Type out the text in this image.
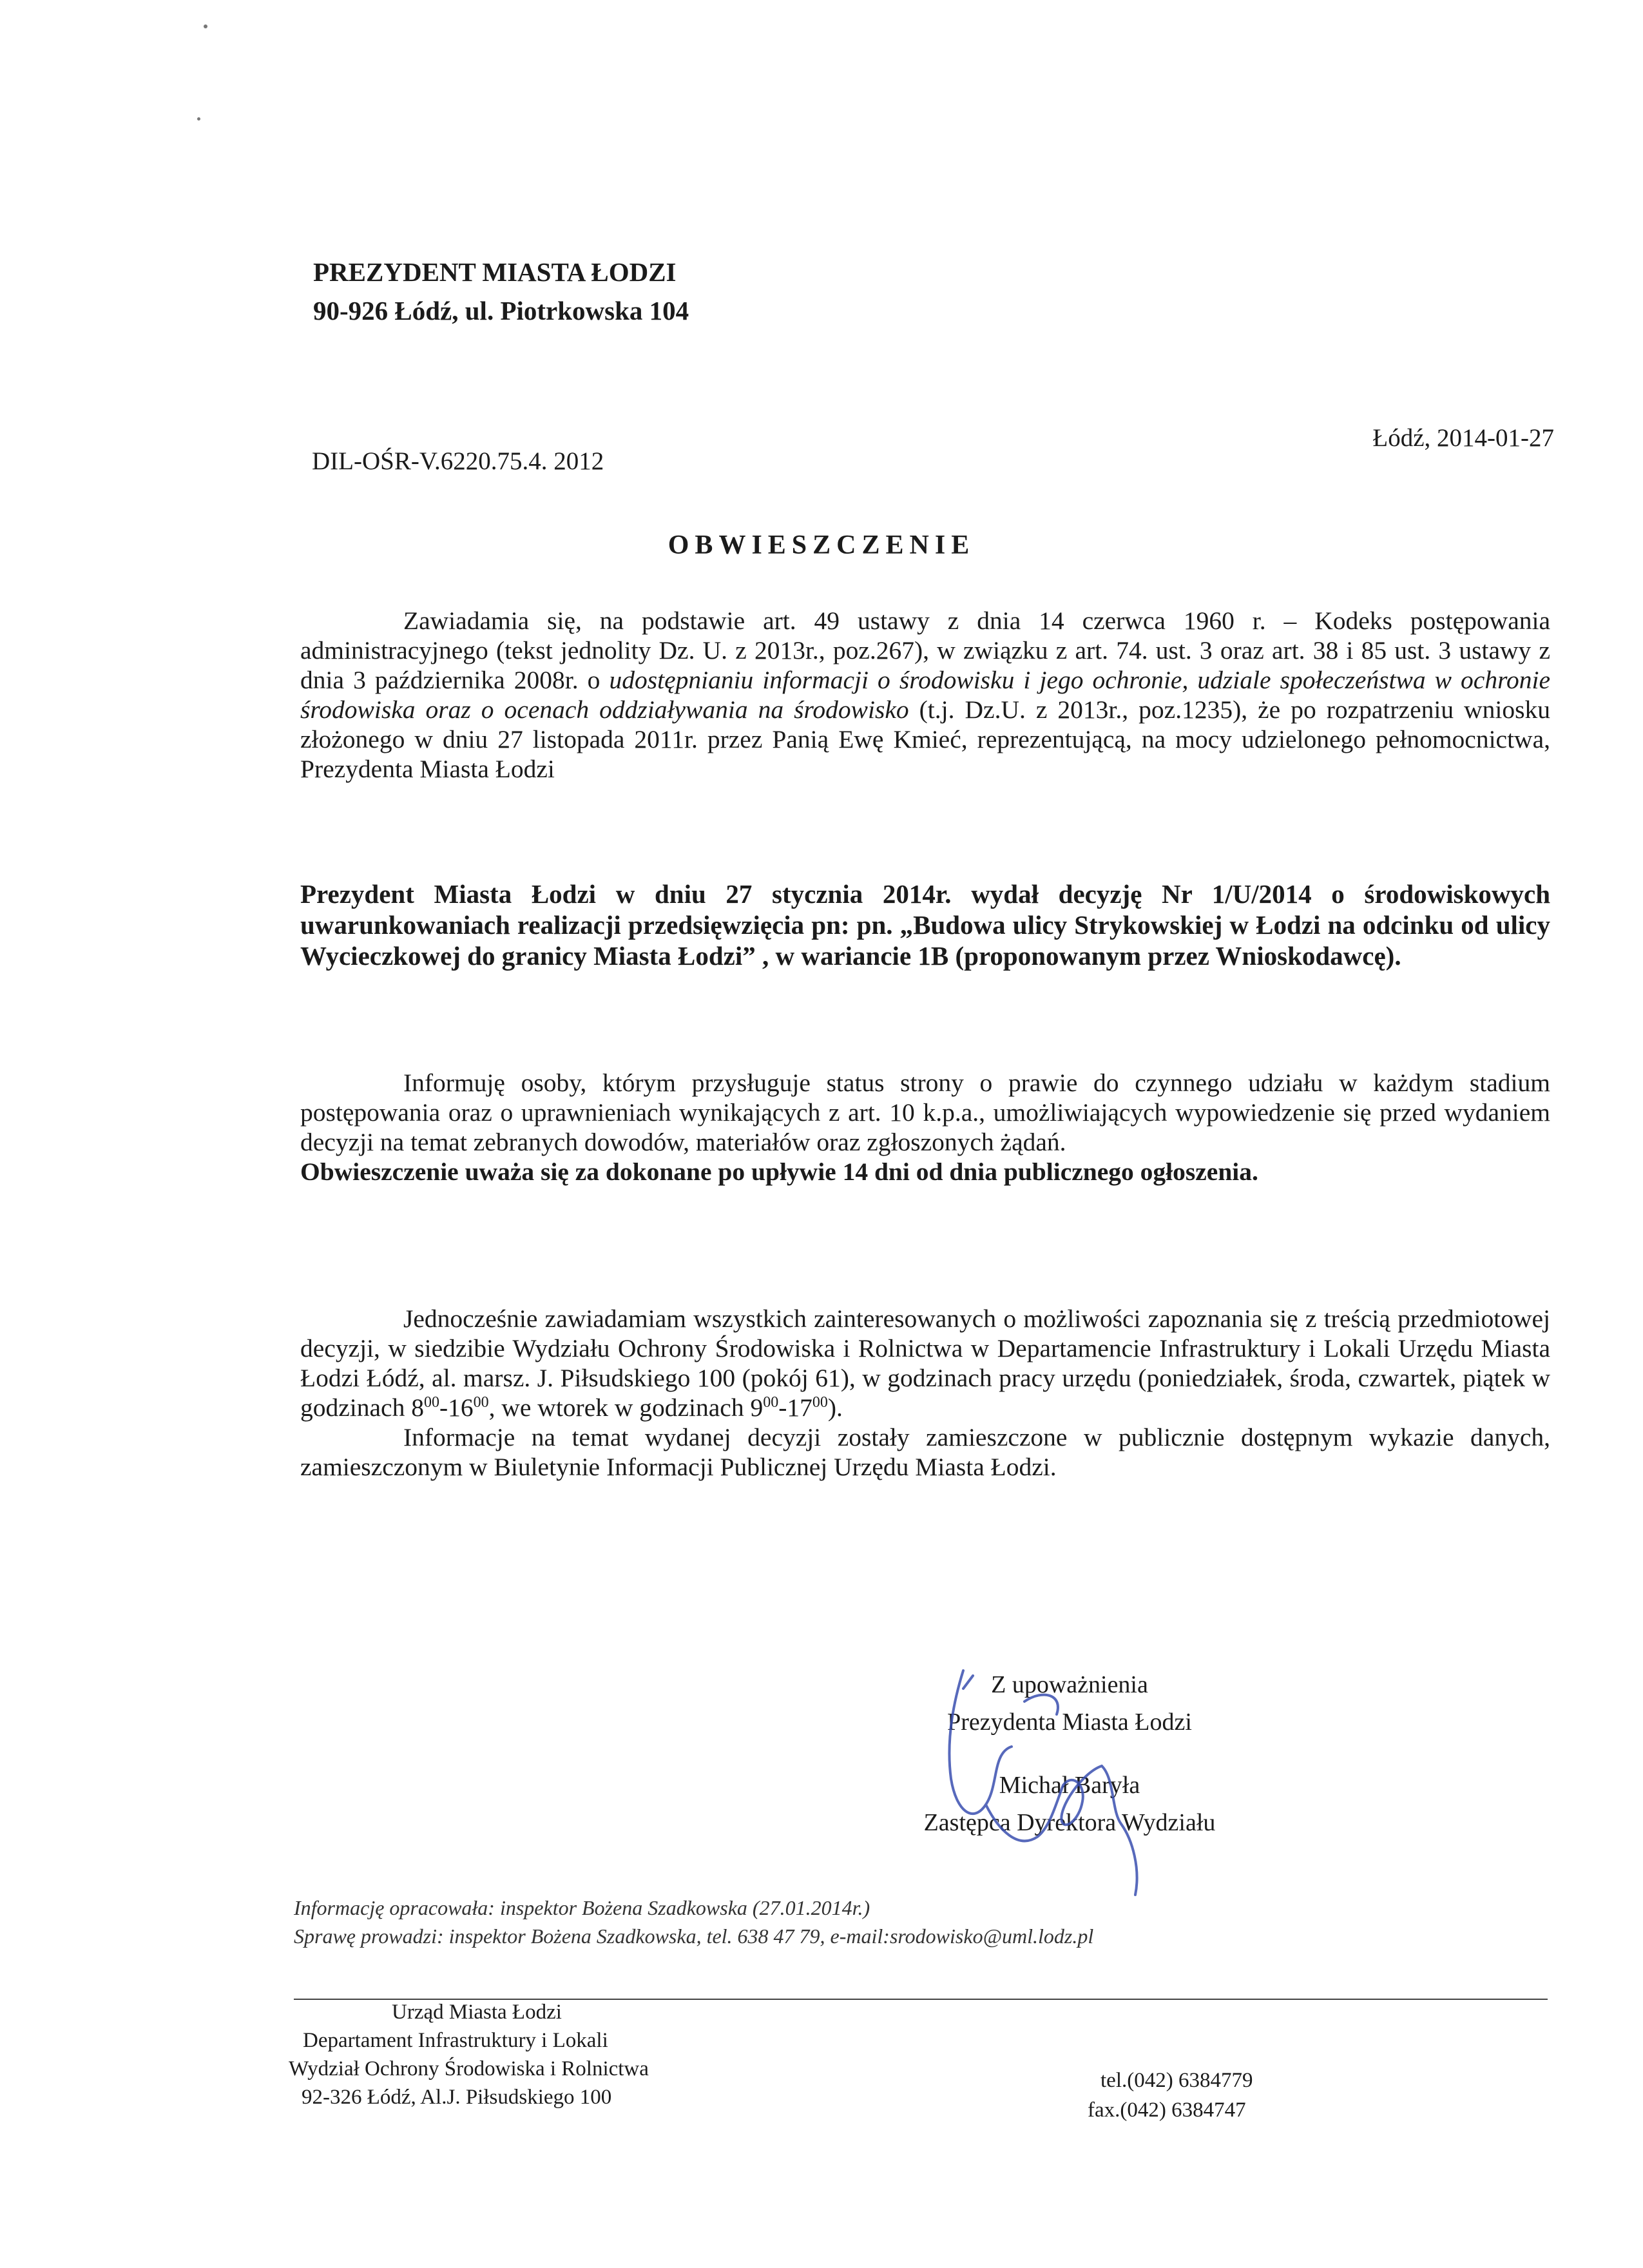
PREZYDENT MIASTA ŁODZI
90-926 Łódź, ul. Piotrkowska 104
DIL-OŚR-V.6220.75.4. 2012
Łódź, 2014-01-27
OBWIESZCZENIE

Zawiadamia się, na podstawie art. 49 ustawy z dnia 14 czerwca 1960 r. – Kodeks postępowania administracyjnego (tekst jednolity Dz. U. z 2013r., poz.267), w związku z art. 74. ust. 3 oraz art. 38 i 85 ust. 3 ustawy z dnia 3 października 2008r. o udostępnianiu informacji o środowisku i jego ochronie, udziale społeczeństwa w ochronie środowiska oraz o ocenach oddziaływania na środowisko (t.j. Dz.U. z 2013r., poz.1235), że po rozpatrzeniu wniosku złożonego w dniu 27 listopada 2011r. przez Panią Ewę Kmieć, reprezentującą, na mocy udzielonego pełnomocnictwa, Prezydenta Miasta Łodzi

Prezydent Miasta Łodzi w dniu 27 stycznia 2014r. wydał decyzję Nr 1/U/2014 o środowiskowych uwarunkowaniach realizacji przedsięwzięcia pn: pn. „Budowa ulicy Strykowskiej w Łodzi na odcinku od ulicy Wycieczkowej do granicy Miasta Łodzi” , w wariancie 1B (proponowanym przez Wnioskodawcę).

Informuję osoby, którym przysługuje status strony o prawie do czynnego udziału w każdym stadium postępowania oraz o uprawnieniach wynikających z art. 10 k.p.a., umożliwiających wypowiedzenie się przed wydaniem decyzji na temat zebranych dowodów, materiałów oraz zgłoszonych żądań.

Obwieszczenie uważa się za dokonane po upływie 14 dni od dnia publicznego ogłoszenia.

Jednocześnie zawiadamiam wszystkich zainteresowanych o możliwości zapoznania się z treścią przedmiotowej decyzji, w siedzibie Wydziału Ochrony Środowiska i Rolnictwa w Departamencie Infrastruktury i Lokali Urzędu Miasta Łodzi Łódź, al. marsz. J. Piłsudskiego 100 (pokój 61), w godzinach pracy urzędu (poniedziałek, środa, czwartek, piątek w godzinach $8^{00}-16^{00}$, we wtorek w godzinach $9^{00}-17^{00}$).

Informacje na temat wydanej decyzji zostały zamieszczone w publicznie dostępnym wykazie danych, zamieszczonym w Biuletynie Informacji Publicznej Urzędu Miasta Łodzi.

Z upoważnienia
Prezydenta Miasta Łodzi
Michał Baryła
Zastępca Dyrektora Wydziału
Informację opracowała: inspektor Bożena Szadkowska (27.01.2014r.)
Sprawę prowadzi: inspektor Bożena Szadkowska, tel. 638 47 79, e-mail:srodowisko@uml.lodz.pl
Urząd Miasta Łodzi
Departament Infrastruktury i Lokali
Wydział Ochrony Środowiska i Rolnictwa
92-326 Łódź, Al.J. Piłsudskiego 100
tel.(042) 6384779
fax.(042) 6384747
